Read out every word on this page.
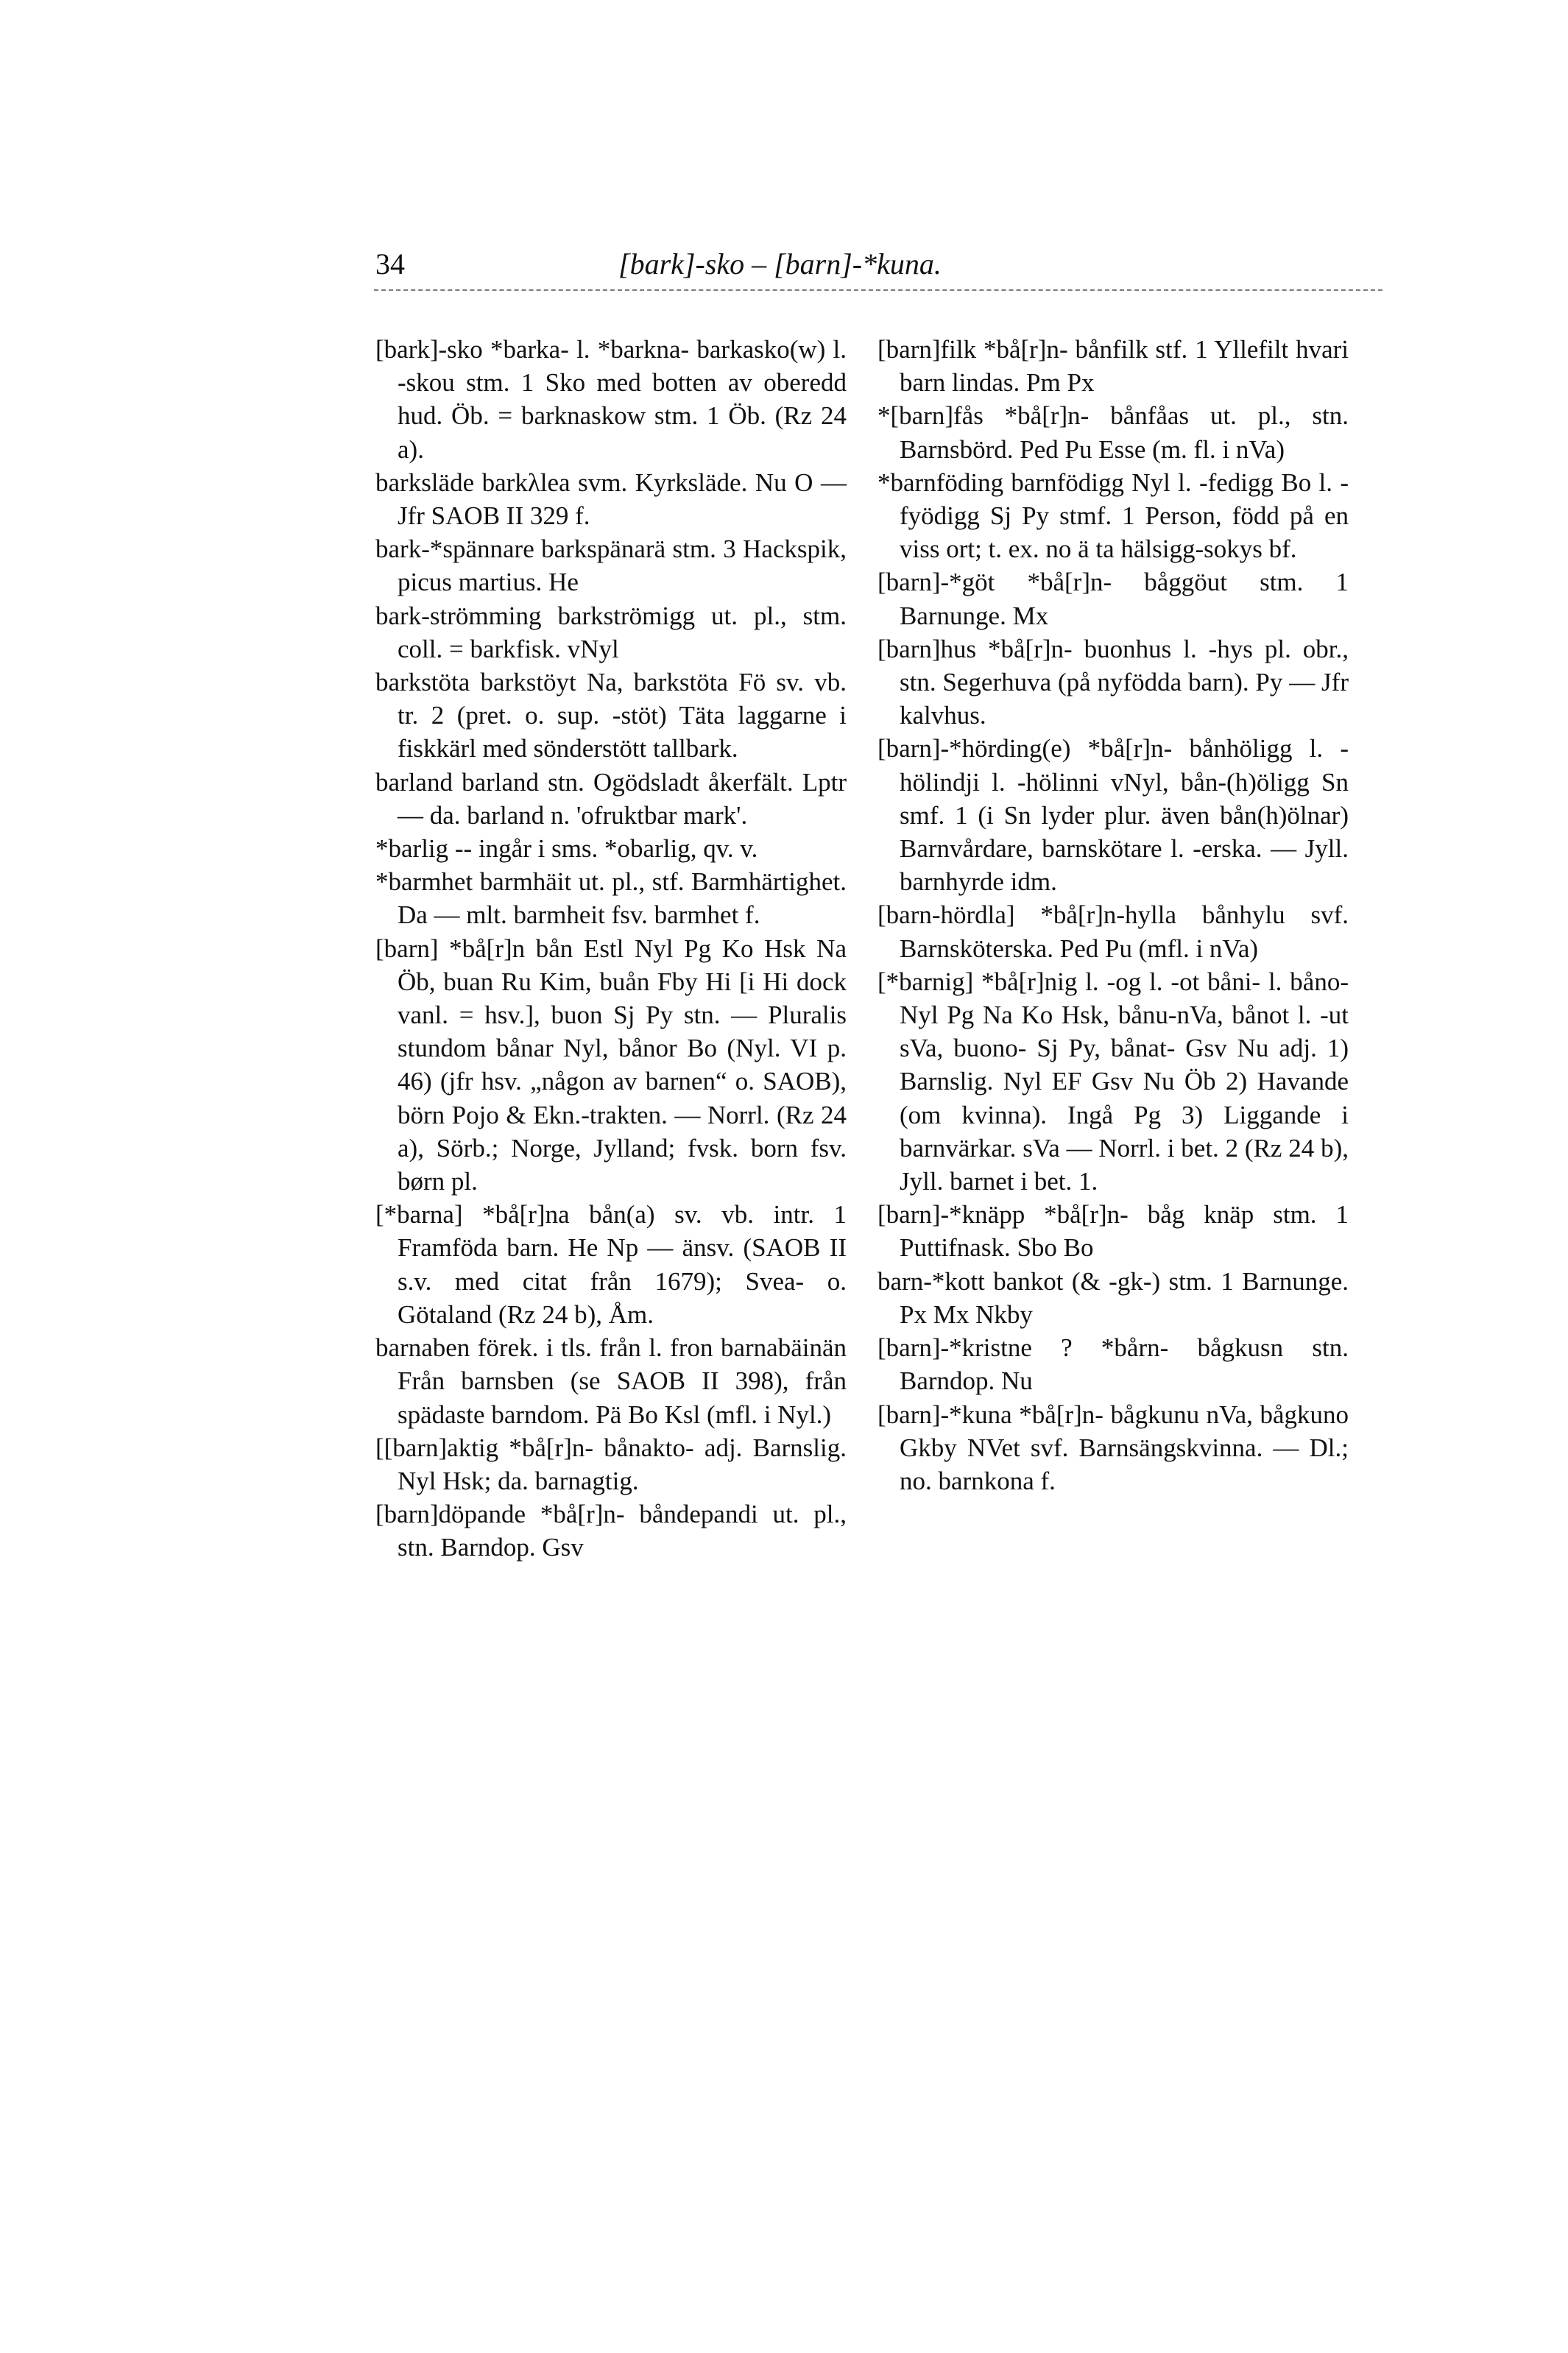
34	[bark]-sko – [barn]-*kuna.

[bark]-sko *barka- l. *barkna- barkasko(w) l. -skou stm. 1 Sko med botten av oberedd hud. Öb. = barknaskow stm. 1 Öb. (Rz 24 a).

barksläde barkλlea svm. Kyrksläde. Nu O — Jfr SAOB II 329 f.

bark-*spännare barkspänarä stm. 3 Hackspik, picus martius. He

bark-strömming barkströmigg ut. pl., stm. coll. = barkfisk. vNyl

barkstöta barkstöyt Na, barkstöta Fö sv. vb. tr. 2 (pret. o. sup. -stöt) Täta laggarne i fiskkärl med sönderstött tallbark.

barland barland stn. Ogödsladt åkerfält. Lptr — da. barland n. 'ofruktbar mark'.

*barlig -- ingår i sms. *obarlig, qv. v.

*barmhet barmhäit ut. pl., stf. Barmhärtighet. Da — mlt. barmheit fsv. barmhet f.

[barn] *bå[r]n bån Estl Nyl Pg Ko Hsk Na Öb, buan Ru Kim, buån Fby Hi [i Hi dock vanl. = hsv.], buon Sj Py stn. — Pluralis stundom bånar Nyl, bånor Bo (Nyl. VI p. 46) (jfr hsv. „någon av barnen“ o. SAOB), börn Pojo & Ekn.-trakten. — Norrl. (Rz 24 a), Sörb.; Norge, Jylland; fvsk. born fsv. børn pl.

[*barna] *bå[r]na bån(a) sv. vb. intr. 1 Framföda barn. He Np — änsv. (SAOB II s.v. med citat från 1679); Svea- o. Götaland (Rz 24 b), Åm.

barnaben förek. i tls. från l. fron barnabäinän Från barnsben (se SAOB II 398), från spädaste barndom. Pä Bo Ksl (mfl. i Nyl.)

[[barn]aktig *bå[r]n- bånakto- adj. Barnslig. Nyl Hsk; da. barnagtig.

[barn]döpande *bå[r]n- båndepandi ut. pl., stn. Barndop. Gsv

[barn]filk *bå[r]n- bånfilk stf. 1 Yllefilt hvari barn lindas. Pm Px

*[barn]fås *bå[r]n- bånfåas ut. pl., stn. Barnsbörd. Ped Pu Esse (m. fl. i nVa)

*barnföding barnfödigg Nyl l. -fedigg Bo l. -fyödigg Sj Py stmf. 1 Person, född på en viss ort; t. ex. no ä ta hälsigg-sokys bf.

[barn]-*göt *bå[r]n- båggöut stm. 1 Barnunge. Mx

[barn]hus *bå[r]n- buonhus l. -hys pl. obr., stn. Segerhuva (på nyfödda barn). Py — Jfr kalvhus.

[barn]-*hörding(e) *bå[r]n- bånhöligg l. -hölindji l. -hölinni vNyl, bån-(h)öligg Sn smf. 1 (i Sn lyder plur. även bån(h)ölnar) Barnvårdare, barnskötare l. -erska. — Jyll. barnhyrde idm.

[barn-hördla] *bå[r]n-hylla bånhylu svf. Barnsköterska. Ped Pu (mfl. i nVa)

[*barnig] *bå[r]nig l. -og l. -ot båni- l. båno- Nyl Pg Na Ko Hsk, bånu-nVa, bånot l. -ut sVa, buono- Sj Py, bånat- Gsv Nu adj. 1) Barnslig. Nyl EF Gsv Nu Öb 2) Havande (om kvinna). Ingå Pg 3) Liggande i barnvärkar. sVa — Norrl. i bet. 2 (Rz 24 b), Jyll. barnet i bet. 1.

[barn]-*knäpp *bå[r]n- båg knäp stm. 1 Puttifnask. Sbo Bo

barn-*kott bankot (& -gk-) stm. 1 Barnunge. Px Mx Nkby

[barn]-*kristne ? *bårn- bågkusn stn. Barndop. Nu

[barn]-*kuna *bå[r]n- bågkunu nVa, bågkuno Gkby NVet svf. Barnsängskvinna. — Dl.; no. barnkona f.
